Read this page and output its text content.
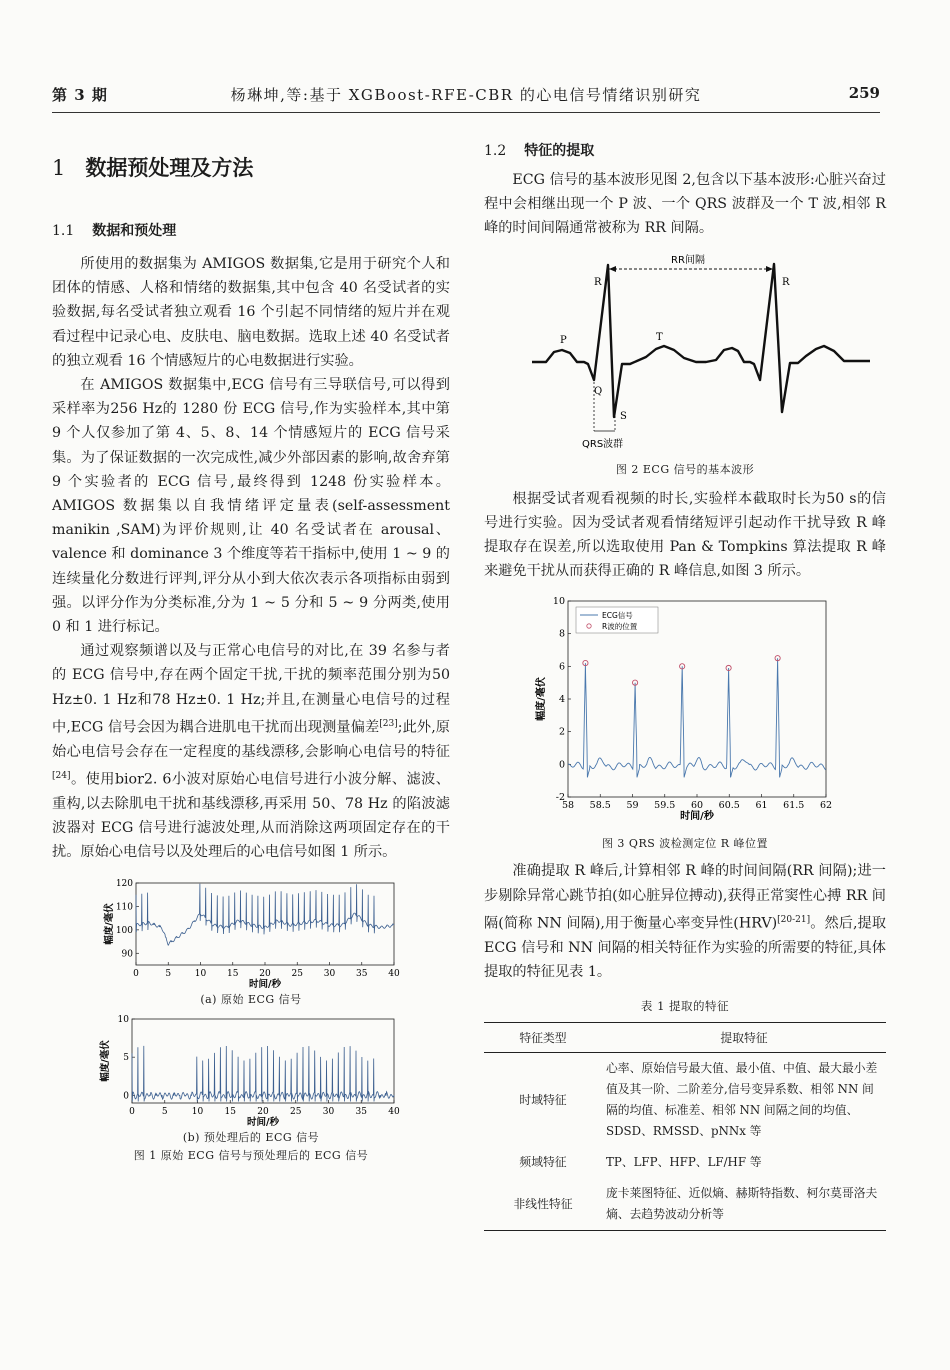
第 3 期	杨琳坤,等:基于 XGBoost-RFE-CBR 的心电信号情绪识别研究	259
1 数据预处理及方法
1.1 数据和预处理

所使用的数据集为 AMIGOS 数据集,它是用于研究个人和团体的情感、人格和情绪的数据集,其中包含 40 名受试者的实验数据,每名受试者独立观看 16 个引起不同情绪的短片并在观看过程中记录心电、皮肤电、脑电数据。选取上述 40 名受试者的独立观看 16 个情感短片的心电数据进行实验。

在 AMIGOS 数据集中,ECG 信号有三导联信号,可以得到采样率为256 Hz的 1280 份 ECG 信号,作为实验样本,其中第 9 个人仅参加了第 4、5、8、14 个情感短片的 ECG 信号采集。为了保证数据的一次完成性,减少外部因素的影响,故舍弃第 9 个实验者的 ECG 信号,最终得到 1248 份实验样本。AMIGOS 数据集以自我情绪评定量表(self-assessment manikin ,SAM)为评价规则,让 40 名受试者在 arousal、valence 和 dominance 3 个维度等若干指标中,使用 1 ~ 9 的连续量化分数进行评判,评分从小到大依次表示各项指标由弱到强。以评分作为分类标准,分为 1 ~ 5 分和 5 ~ 9 分两类,使用 0 和 1 进行标记。

通过观察频谱以及与正常心电信号的对比,在 39 名参与者的 ECG 信号中,存在两个固定干扰,干扰的频率范围分别为50 Hz±0. 1 Hz和78 Hz±0. 1 Hz;并且,在测量心电信号的过程中,ECG 信号会因为耦合进肌电干扰而出现测量偏差[23];此外,原始心电信号会存在一定程度的基线漂移,会影响心电信号的特征[24]。使用bior2. 6小波对原始心电信号进行小波分解、滤波、重构,以去除肌电干扰和基线漂移,再采用 50、78 Hz 的陷波滤波器对 ECG 信号进行滤波处理,从而消除这两项固定存在的干扰。原始心电信号以及处理后的心电信号如图 1 所示。

0	5	10 15 20 25 30 35 40
90
100
110
120
时间/秒
幅度/毫伏
(a) 原始 ECG 信号
0	5	10 15 20 25 30 35 40
0
5
10
时间/秒
幅度/毫伏
(b) 预处理后的 ECG 信号
图 1 原始 ECG 信号与预处理后的 ECG 信号
1.2 特征的提取

ECG 信号的基本波形见图 2,包含以下基本波形:心脏兴奋过程中会相继出现一个 P 波、一个 QRS 波群及一个 T 波,相邻 R 峰的时间间隔通常被称为 RR 间隔。

RR间隔
R	R
P	T
Q
S
QRS波群
图 2 ECG 信号的基本波形

根据受试者观看视频的时长,实验样本截取时长为50 s的信号进行实验。因为受试者观看情绪短评引起动作干扰导致 R 峰提取存在误差,所以选取使用 Pan & Tompkins 算法提取 R 峰来避免干扰从而获得正确的 R 峰信息,如图 3 所示。

58 58.5 59 59.5 60 60.5 61 61.5 62
-2
0
2
4
6
8
10
时间/秒
幅度/毫伏
ECG信号
R波的位置
图 3 QRS 波检测定位 R 峰位置

准确提取 R 峰后,计算相邻 R 峰的时间间隔(RR 间隔);进一步剔除异常心跳节拍(如心脏异位搏动),获得正常窦性心搏 RR 间隔(简称 NN 间隔),用于衡量心率变异性(HRV)[20-21]。然后,提取 ECG 信号和 NN 间隔的相关特征作为实验的所需要的特征,具体提取的特征见表 1。

表 1 提取的特征
特征类型	提取特征
时域特征	心率、原始信号最大值、最小值、中值、最大最小差值及其一阶、二阶差分,信号变异系数、相邻 NN 间隔的均值、标准差、相邻 NN 间隔之间的均值、SDSD、RMSSD、pNNx 等
频域特征	TP、LFP、HFP、LF/HF 等
非线性特征	庞卡莱图特征、近似熵、赫斯特指数、柯尔莫哥洛夫熵、去趋势波动分析等
